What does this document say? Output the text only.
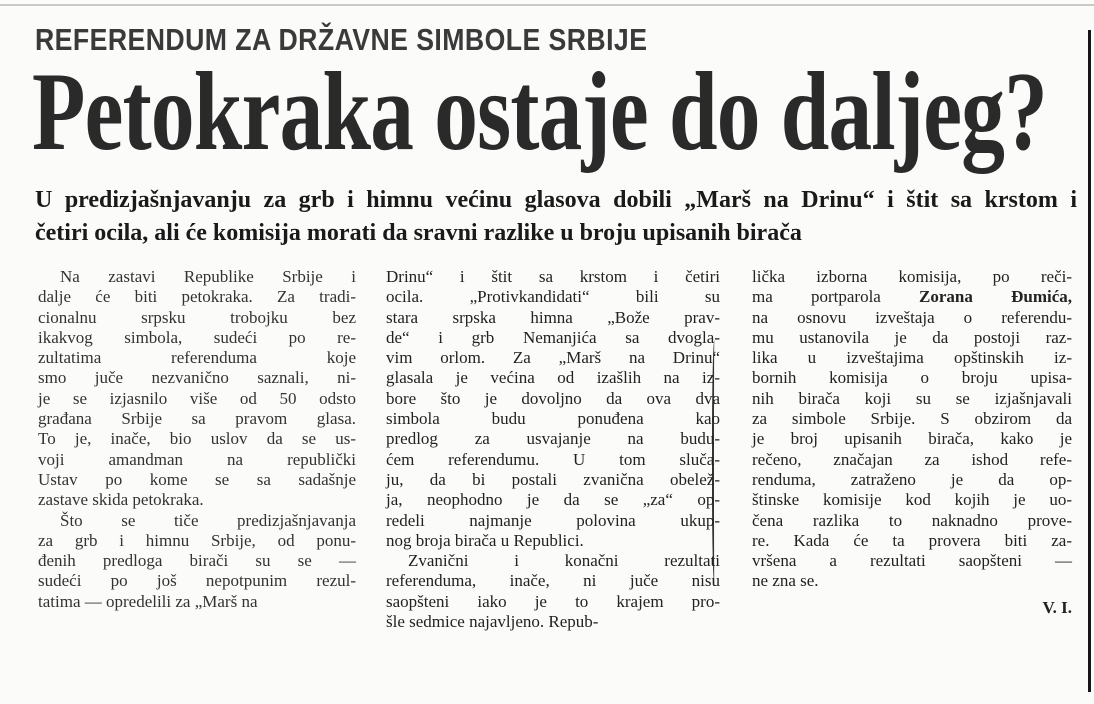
REFERENDUM ZA DRŽAVNE SIMBOLE SRBIJE
Petokraka ostaje do daljeg?
U predizjašnjavanju za grb i himnu većinu glasova dobili „Marš na Drinu“ i štit sa krstom i
četiri ocila, ali će komisija morati da sravni razlike u broju upisanih birača
Na zastavi Republike Srbije i
dalje će biti petokraka. Za tradi-
cionalnu srpsku trobojku bez
ikakvog simbola, sudeći po re-
zultatima referenduma koje
smo juče nezvanično saznali, ni-
je se izjasnilo više od 50 odsto
građana Srbije sa pravom glasa.
To je, inače, bio uslov da se us-
voji amandman na republički
Ustav po kome se sa sadašnje
zastave skida petokraka.
Što se tiče predizjašnjavanja
za grb i himnu Srbije, od ponu-
đenih predloga birači su se —
sudeći po još nepotpunim rezul-
tatima — opredelili za „Marš na
Drinu“ i štit sa krstom i četiri
ocila. „Protivkandidati“ bili su
stara srpska himna „Bože prav-
de“ i grb Nemanjića sa dvogla-
vim orlom. Za „Marš na Drinu“
glasala je većina od izašlih na iz-
bore što je dovoljno da ova dva
simbola budu ponuđena kao
predlog za usvajanje na budu-
ćem referendumu. U tom sluča-
ju, da bi postali zvanična obelež-
ja, neophodno je da se „za“ op-
redeli najmanje polovina ukup-
nog broja birača u Republici.
Zvanični i konačni rezultati
referenduma, inače, ni juče nisu
saopšteni iako je to krajem pro-
šle sedmice najavljeno. Repub-
lička izborna komisija, po reči-
ma portparola Zorana Đumića,
na osnovu izveštaja o referendu-
mu ustanovila je da postoji raz-
lika u izveštajima opštinskih iz-
bornih komisija o broju upisa-
nih birača koji su se izjašnjavali
za simbole Srbije. S obzirom da
je broj upisanih birača, kako je
rečeno, značajan za ishod refe-
renduma, zatraženo je da op-
štinske komisije kod kojih je uo-
čena razlika to naknadno prove-
re. Kada će ta provera biti za-
vršena a rezultati saopšteni —
ne zna se.
V. I.
